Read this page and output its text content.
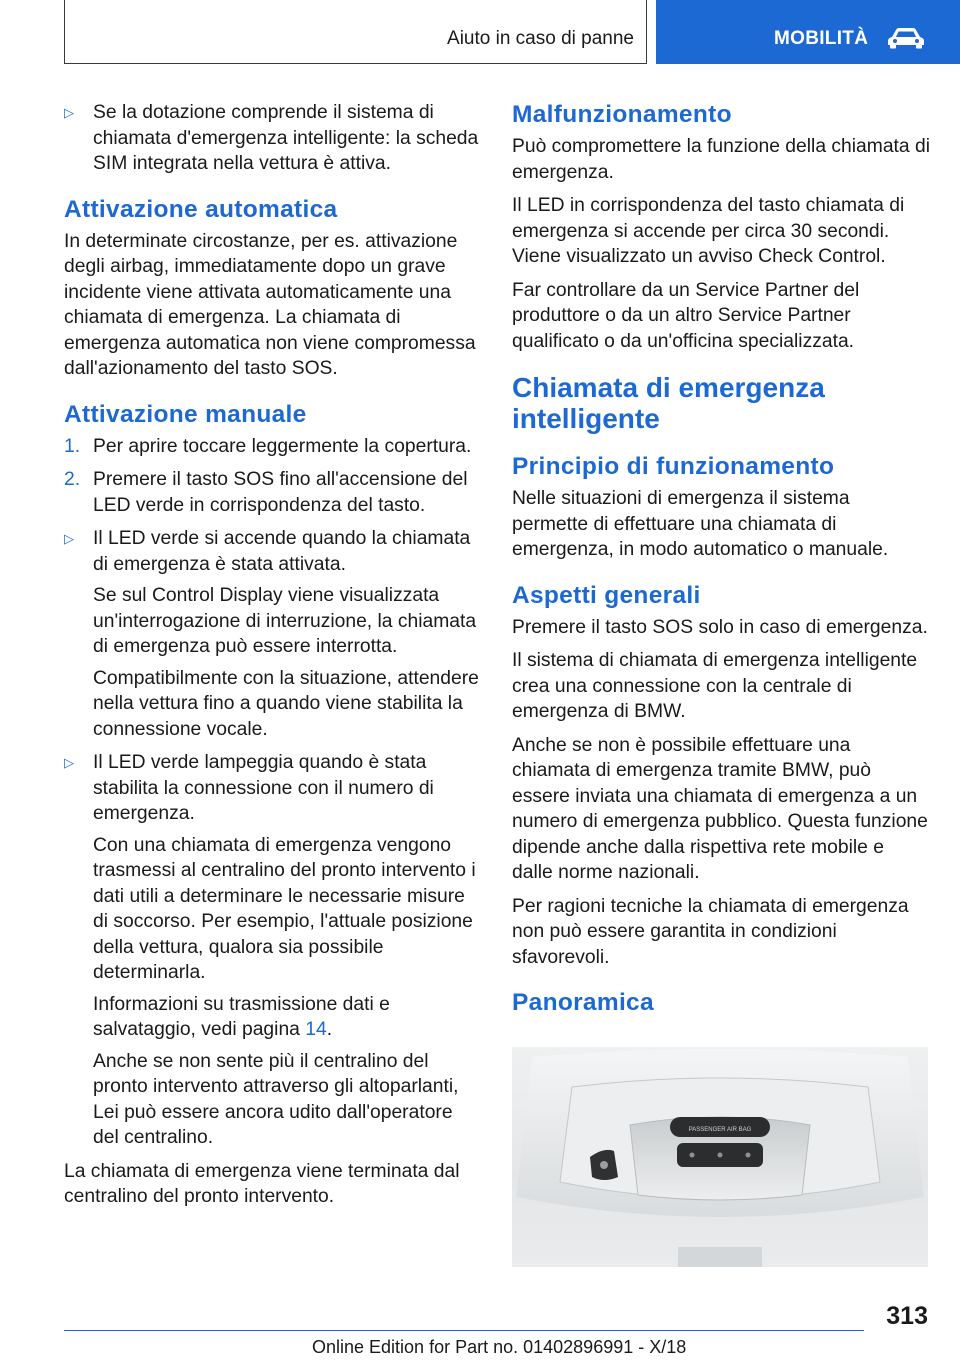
Aiuto in caso di panne	MOBILITÀ
▷ Se la dotazione comprende il sistema di chiamata d'emergenza intelligente: la scheda SIM integrata nella vettura è attiva.
Attivazione automatica

In determinate circostanze, per es. attivazione degli airbag, immediatamente dopo un grave incidente viene attivata automaticamente una chiamata di emergenza. La chiamata di emergenza automatica non viene compromessa dall'azionamento del tasto SOS.

Attivazione manuale
1. Per aprire toccare leggermente la copertura.
2. Premere il tasto SOS fino all'accensione del LED verde in corrispondenza del tasto.
▷ Il LED verde si accende quando la chiamata di emergenza è stata attivata.

Se sul Control Display viene visualizzata un'interrogazione di interruzione, la chiamata di emergenza può essere interrotta.

Compatibilmente con la situazione, attendere nella vettura fino a quando viene stabilita la connessione vocale.

▷ Il LED verde lampeggia quando è stata stabilita la connessione con il numero di emergenza.

Con una chiamata di emergenza vengono trasmessi al centralino del pronto intervento i dati utili a determinare le necessarie misure di soccorso. Per esempio, l'attuale posizione della vettura, qualora sia possibile determinarla.

Informazioni su trasmissione dati e salvataggio, vedi pagina 14.

Anche se non sente più il centralino del pronto intervento attraverso gli altoparlanti, Lei può essere ancora udito dall'operatore del centralino.

La chiamata di emergenza viene terminata dal centralino del pronto intervento.

Malfunzionamento

Può compromettere la funzione della chiamata di emergenza.

Il LED in corrispondenza del tasto chiamata di emergenza si accende per circa 30 secondi. Viene visualizzato un avviso Check Control.

Far controllare da un Service Partner del produttore o da un altro Service Partner qualificato o da un'officina specializzata.

Chiamata di emergenza intelligente
Principio di funzionamento

Nelle situazioni di emergenza il sistema permette di effettuare una chiamata di emergenza, in modo automatico o manuale.

Aspetti generali

Premere il tasto SOS solo in caso di emergenza.

Il sistema di chiamata di emergenza intelligente crea una connessione con la centrale di emergenza di BMW.

Anche se non è possibile effettuare una chiamata di emergenza tramite BMW, può essere inviata una chiamata di emergenza a un numero di emergenza pubblico. Questa funzione dipende anche dalla rispettiva rete mobile e dalle norme nazionali.

Per ragioni tecniche la chiamata di emergenza non può essere garantita in condizioni sfavorevoli.

Panoramica
PASSENGER AIR BAG
313
Online Edition for Part no. 01402896991 - X/18
